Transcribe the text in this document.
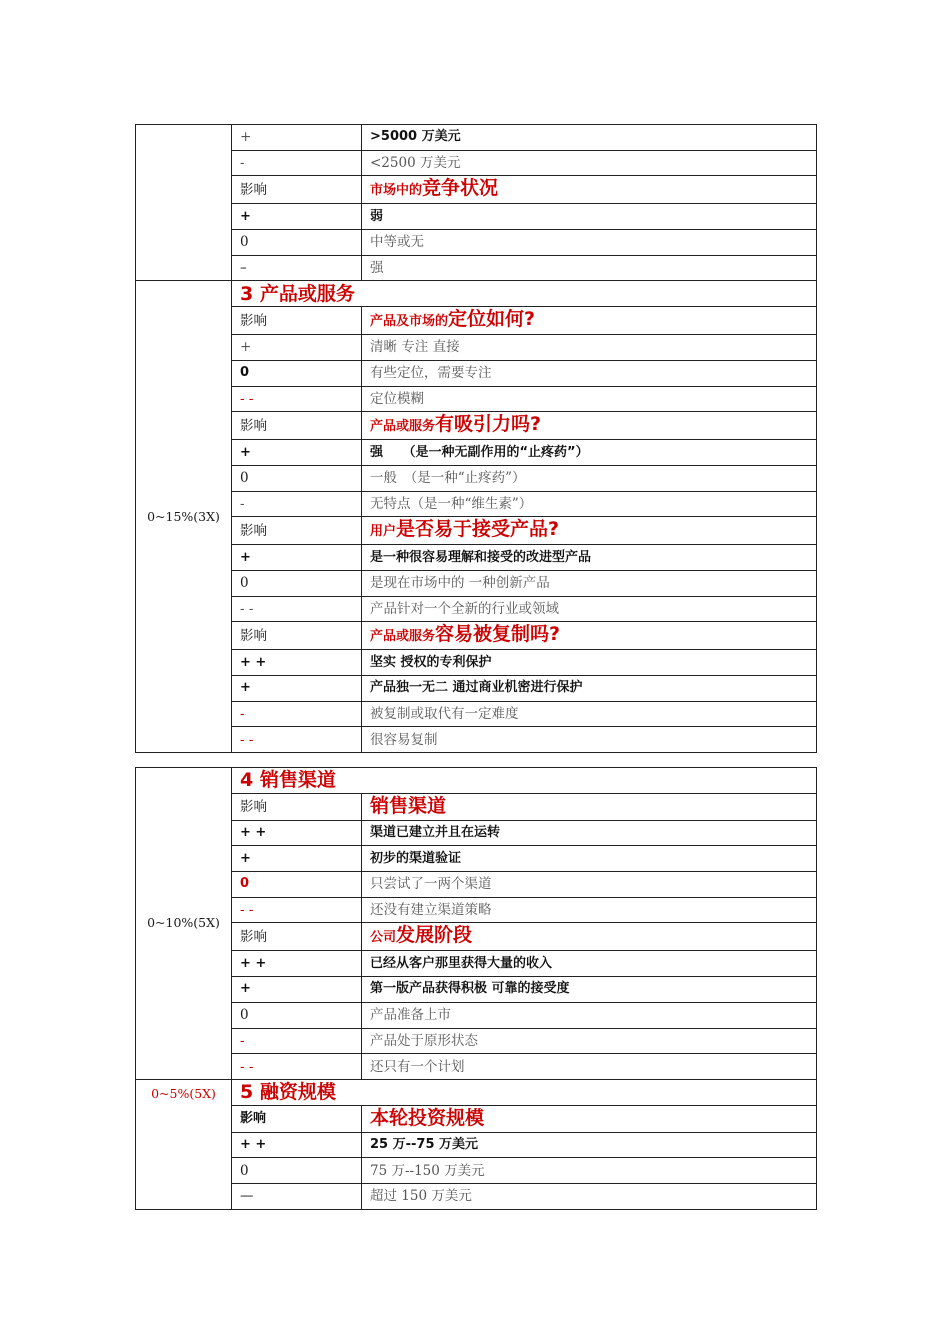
	+	>5000 万美元
	-	<2500 万美元
	影响	市场中的竞争状况
	+	弱
	0	中等或无
	–	强
0~15%(3X)	3 产品或服务	
	影响	产品及市场的定位如何?
	+	清晰 专注 直接
	0	有些定位，需要专注
	- -	定位模糊
	影响	产品或服务有吸引力吗?
	+	强　　（是一种无副作用的“止疼药”）
	0	一般　（是一种“止疼药”）
	-	无特点（是一种“维生素”）
	影响	用户是否易于接受产品?
	+	是一种很容易理解和接受的改进型产品
	0	是现在市场中的 一种创新产品
	- -	产品针对一个全新的行业或领域
	影响	产品或服务容易被复制吗?
	+ +	坚实 授权的专利保护
	+	产品独一无二 通过商业机密进行保护
	-	被复制或取代有一定难度
	- -	很容易复制
0~10%(5X)	4 销售渠道	
	影响	销售渠道
	+ +	渠道已建立并且在运转
	+	初步的渠道验证
	0	只尝试了一两个渠道
	- -	还没有建立渠道策略
	影响	公司发展阶段
	+ +	已经从客户那里获得大量的收入
	+	第一版产品获得积极 可靠的接受度
	0	产品准备上市
	-	产品处于原形状态
	- -	还只有一个计划
0~5%(5X)	5 融资规模	
	影响	本轮投资规模
	+ +	25 万--75 万美元
	0	75 万--150 万美元
	—	超过 150 万美元
